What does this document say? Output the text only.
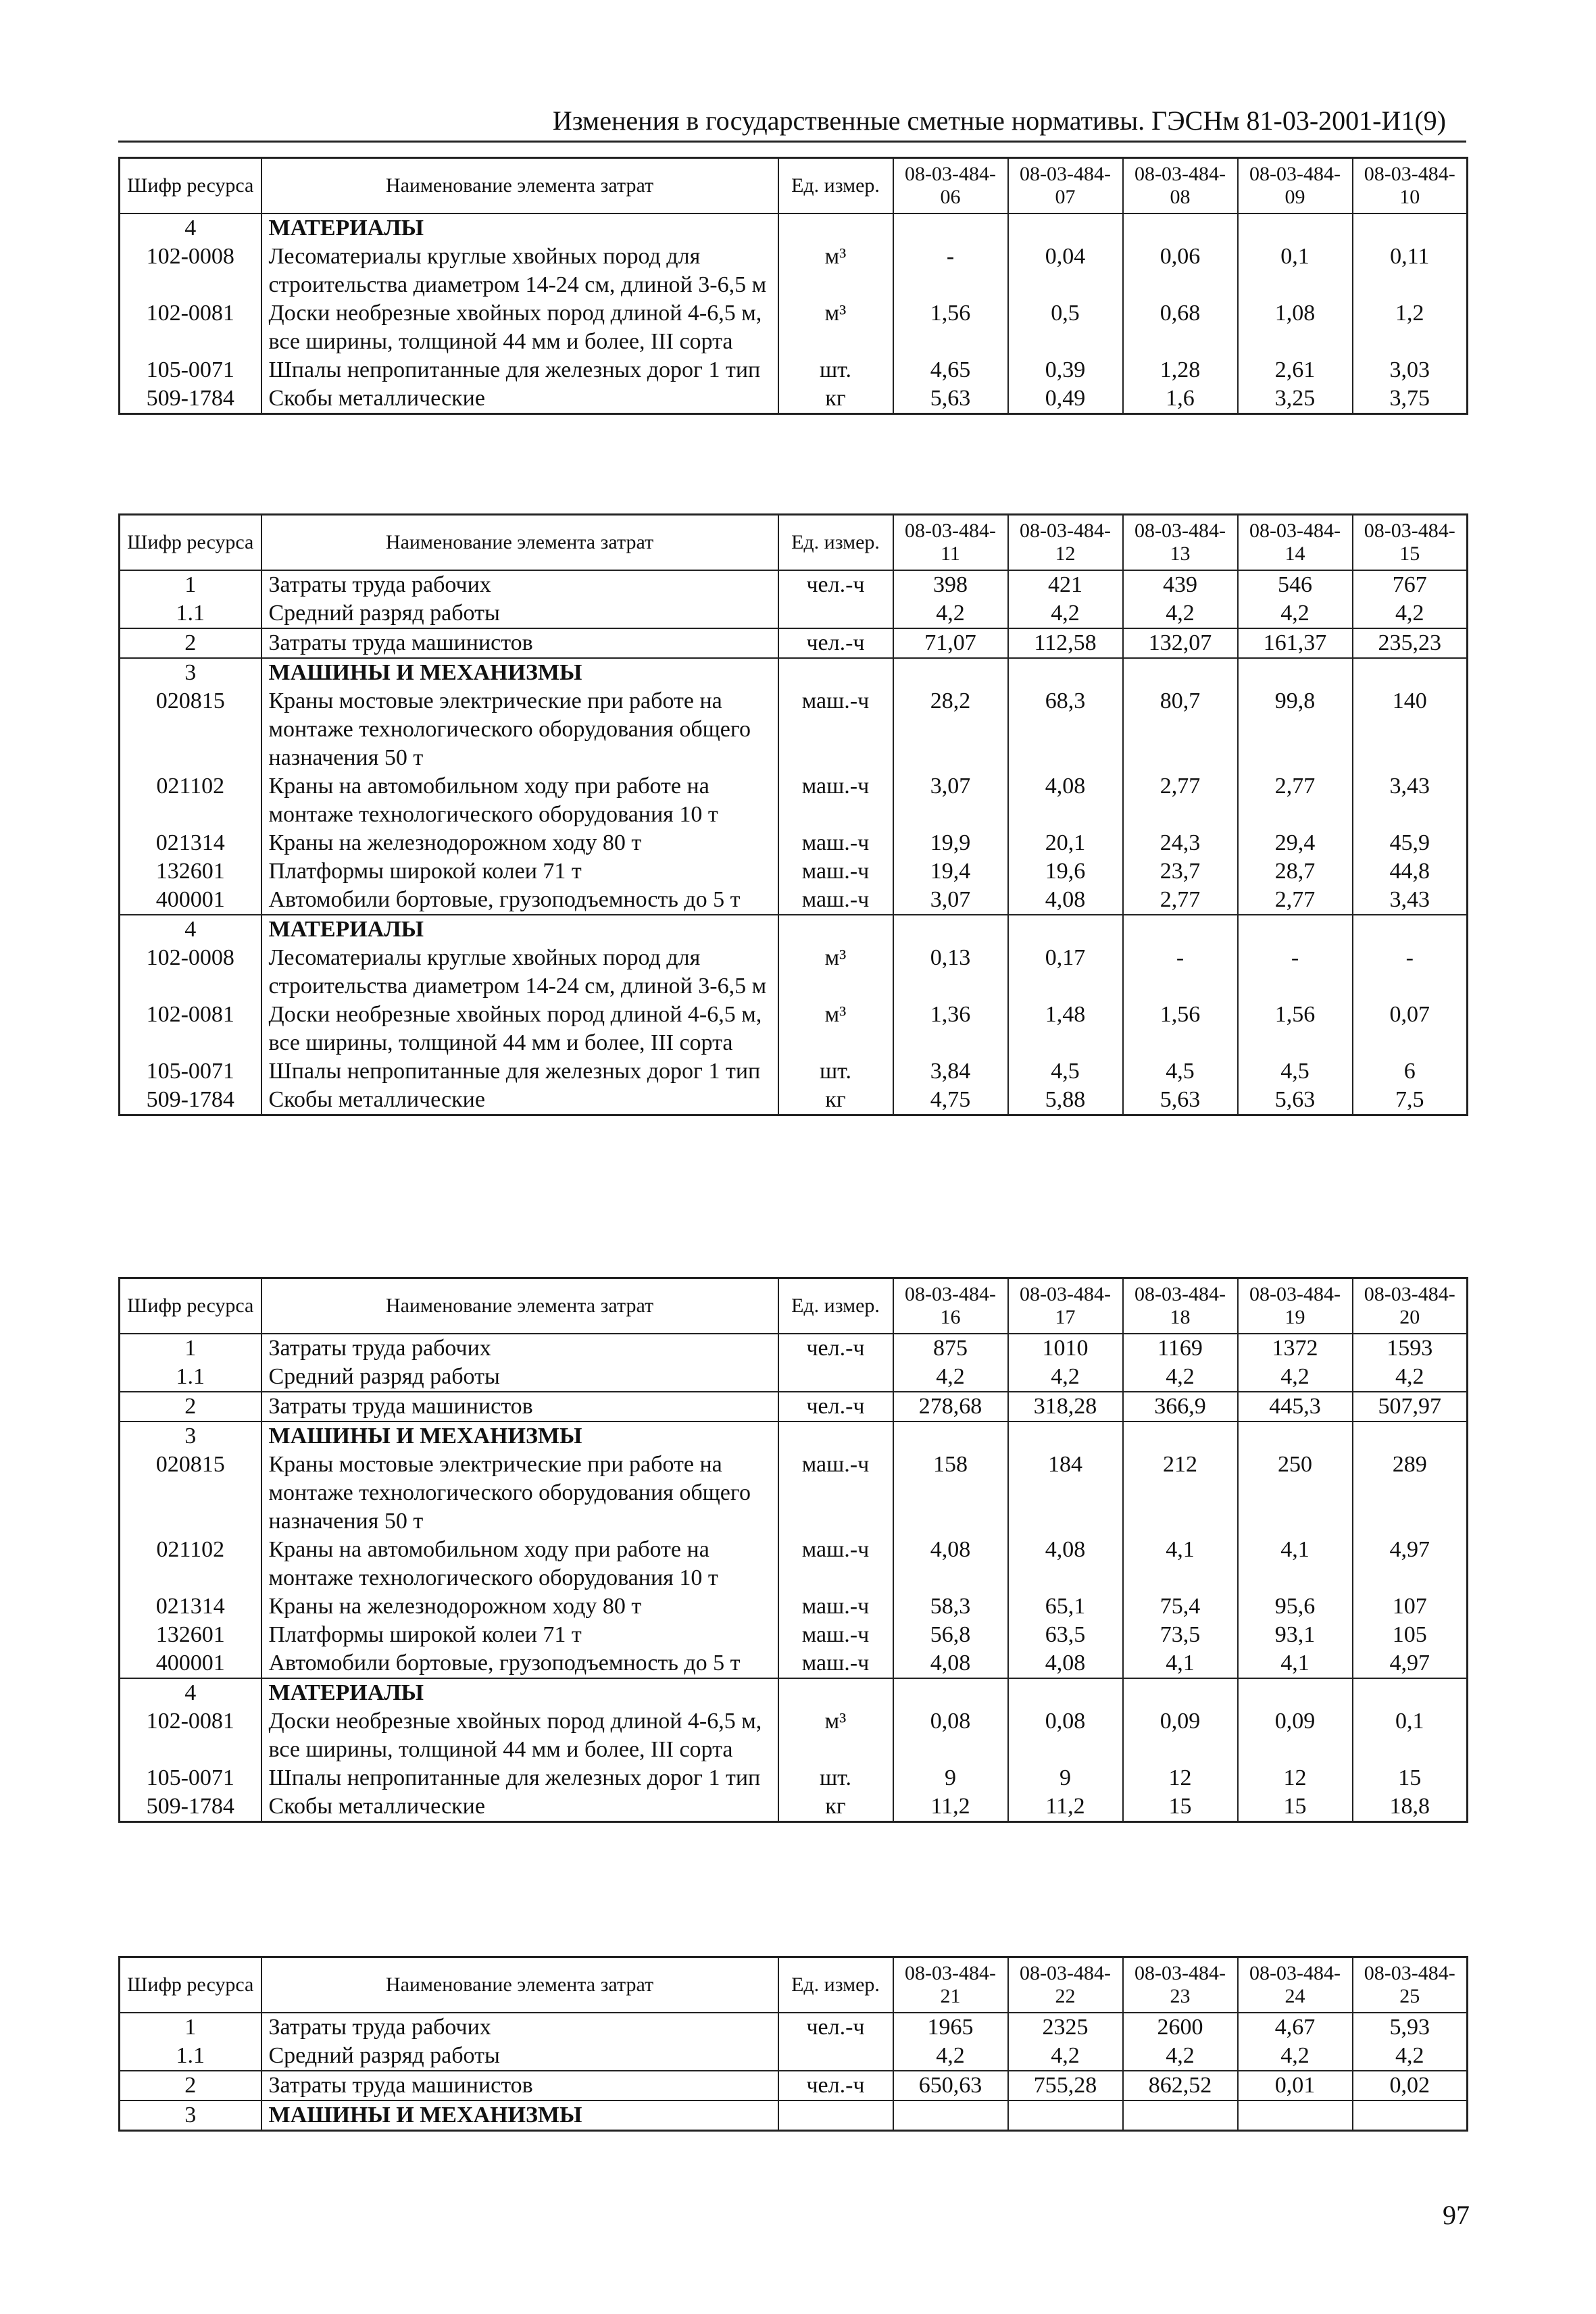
Изменения в государственные сметные нормативы. ГЭСНм 81-03-2001-И1(9)
Шифр ресурса	Наименование элемента затрат	Ед. измер.	08-03-484-06	08-03-484-07	08-03-484-08	08-03-484-09	08-03-484-10
4	МАТЕРИАЛЫ						
102-0008	Лесоматериалы круглые хвойных пород для строительства диаметром 14-24 см, длиной 3-6,5 м	м³	-	0,04	0,06	0,1	0,11
102-0081	Доски необрезные хвойных пород длиной 4-6,5 м, все ширины, толщиной 44 мм и более, III сорта	м³	1,56	0,5	0,68	1,08	1,2
105-0071	Шпалы непропитанные для железных дорог 1 тип	шт.	4,65	0,39	1,28	2,61	3,03
509-1784	Скобы металлические	кг	5,63	0,49	1,6	3,25	3,75
Шифр ресурса	Наименование элемента затрат	Ед. измер.	08-03-484-11	08-03-484-12	08-03-484-13	08-03-484-14	08-03-484-15
1	Затраты труда рабочих	чел.-ч	398	421	439	546	767
1.1	Средний разряд работы		4,2	4,2	4,2	4,2	4,2
2	Затраты труда машинистов	чел.-ч	71,07	112,58	132,07	161,37	235,23
3	МАШИНЫ И МЕХАНИЗМЫ						
020815	Краны мостовые электрические при работе на монтаже технологического оборудования общего назначения 50 т	маш.-ч	28,2	68,3	80,7	99,8	140
021102	Краны на автомобильном ходу при работе на монтаже технологического оборудования 10 т	маш.-ч	3,07	4,08	2,77	2,77	3,43
021314	Краны на железнодорожном ходу 80 т	маш.-ч	19,9	20,1	24,3	29,4	45,9
132601	Платформы широкой колеи 71 т	маш.-ч	19,4	19,6	23,7	28,7	44,8
400001	Автомобили бортовые, грузоподъемность до 5 т	маш.-ч	3,07	4,08	2,77	2,77	3,43
4	МАТЕРИАЛЫ						
102-0008	Лесоматериалы круглые хвойных пород для строительства диаметром 14-24 см, длиной 3-6,5 м	м³	0,13	0,17	-	-	-
102-0081	Доски необрезные хвойных пород длиной 4-6,5 м, все ширины, толщиной 44 мм и более, III сорта	м³	1,36	1,48	1,56	1,56	0,07
105-0071	Шпалы непропитанные для железных дорог 1 тип	шт.	3,84	4,5	4,5	4,5	6
509-1784	Скобы металлические	кг	4,75	5,88	5,63	5,63	7,5
Шифр ресурса	Наименование элемента затрат	Ед. измер.	08-03-484-16	08-03-484-17	08-03-484-18	08-03-484-19	08-03-484-20
1	Затраты труда рабочих	чел.-ч	875	1010	1169	1372	1593
1.1	Средний разряд работы		4,2	4,2	4,2	4,2	4,2
2	Затраты труда машинистов	чел.-ч	278,68	318,28	366,9	445,3	507,97
3	МАШИНЫ И МЕХАНИЗМЫ						
020815	Краны мостовые электрические при работе на монтаже технологического оборудования общего назначения 50 т	маш.-ч	158	184	212	250	289
021102	Краны на автомобильном ходу при работе на монтаже технологического оборудования 10 т	маш.-ч	4,08	4,08	4,1	4,1	4,97
021314	Краны на железнодорожном ходу 80 т	маш.-ч	58,3	65,1	75,4	95,6	107
132601	Платформы широкой колеи 71 т	маш.-ч	56,8	63,5	73,5	93,1	105
400001	Автомобили бортовые, грузоподъемность до 5 т	маш.-ч	4,08	4,08	4,1	4,1	4,97
4	МАТЕРИАЛЫ						
102-0081	Доски необрезные хвойных пород длиной 4-6,5 м, все ширины, толщиной 44 мм и более, III сорта	м³	0,08	0,08	0,09	0,09	0,1
105-0071	Шпалы непропитанные для железных дорог 1 тип	шт.	9	9	12	12	15
509-1784	Скобы металлические	кг	11,2	11,2	15	15	18,8
Шифр ресурса	Наименование элемента затрат	Ед. измер.	08-03-484-21	08-03-484-22	08-03-484-23	08-03-484-24	08-03-484-25
1	Затраты труда рабочих	чел.-ч	1965	2325	2600	4,67	5,93
1.1	Средний разряд работы		4,2	4,2	4,2	4,2	4,2
2	Затраты труда машинистов	чел.-ч	650,63	755,28	862,52	0,01	0,02
3	МАШИНЫ И МЕХАНИЗМЫ						
97
